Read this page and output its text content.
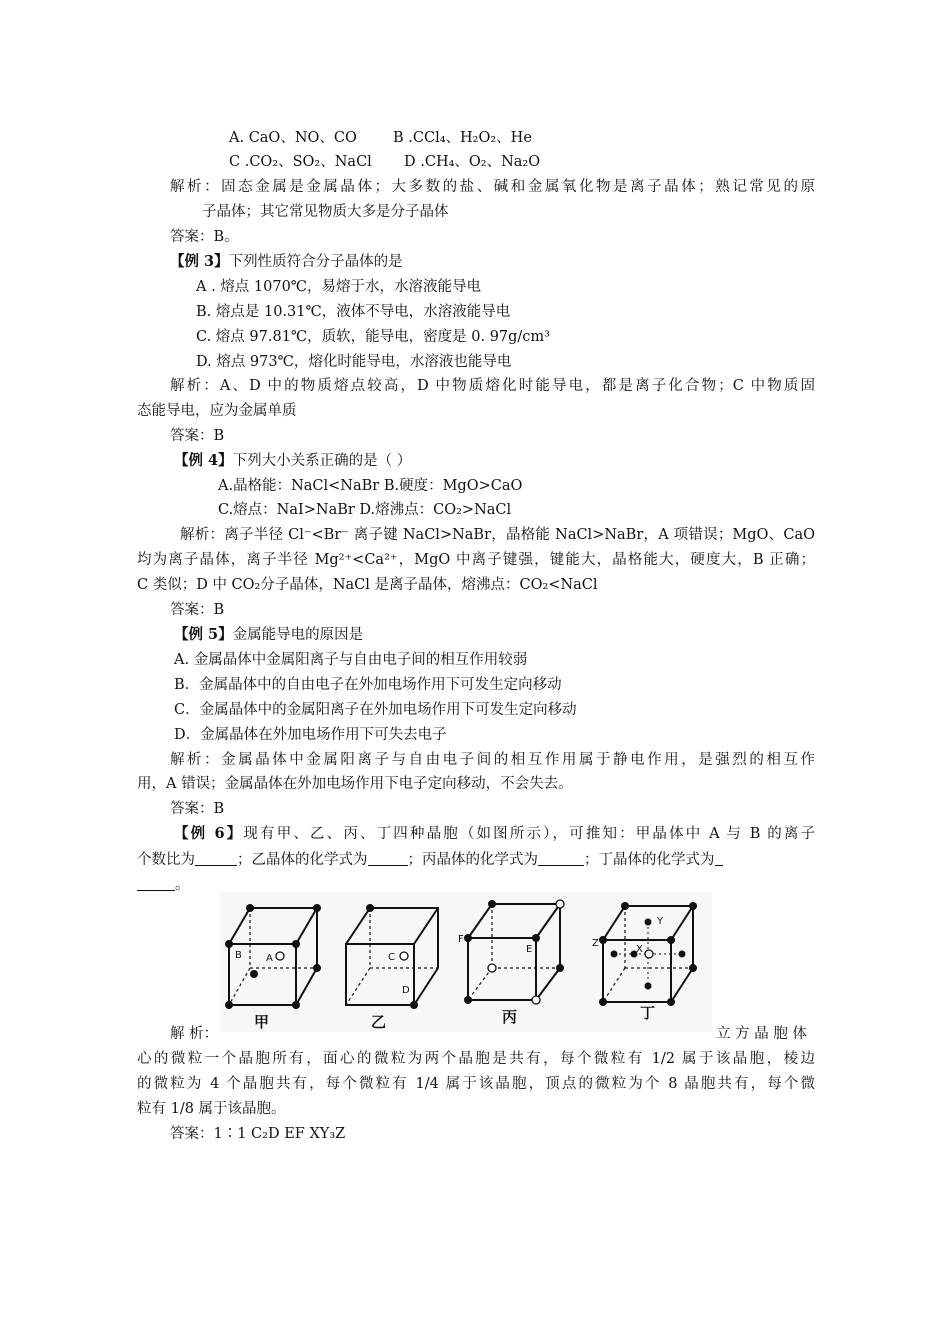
A. CaO、NO、CO B .CCl₄、H₂O₂、He
C .CO₂、SO₂、NaCl D .CH₄、O₂、Na₂O
解析：固态金属是金属晶体；大多数的盐、碱和金属氧化物是离子晶体；熟记常见的原
子晶体；其它常见物质大多是分子晶体
答案：B。
【例 3】下列性质符合分子晶体的是
A . 熔点 1070℃，易熔于水，水溶液能导电
B. 熔点是 10.31℃，液体不导电，水溶液能导电
C. 熔点 97.81℃，质软，能导电，密度是 0. 97g/cm³
D. 熔点 973℃，熔化时能导电，水溶液也能导电
解析：A、D 中的物质熔点较高，D 中物质熔化时能导电，都是离子化合物；C 中物质固
态能导电，应为金属单质
答案：B
【例 4】下列大小关系正确的是（ ）
A.晶格能：NaCl<NaBr B.硬度：MgO>CaO
C.熔点：NaI>NaBr D.熔沸点：CO₂>NaCl
解析：离子半径 Cl⁻<Br⁻ 离子键 NaCl>NaBr，晶格能 NaCl>NaBr，A 项错误；MgO、CaO
均为离子晶体，离子半径 Mg²⁺<Ca²⁺，MgO 中离子键强，键能大，晶格能大，硬度大，B 正确；
C 类似；D 中 CO₂分子晶体，NaCl 是离子晶体，熔沸点：CO₂<NaCl
答案：B
【例 5】金属能导电的原因是
A. 金属晶体中金属阳离子与自由电子间的相互作用较弱
B．金属晶体中的自由电子在外加电场作用下可发生定向移动
C．金属晶体中的金属阳离子在外加电场作用下可发生定向移动
D．金属晶体在外加电场作用下可失去电子
解析：金属晶体中金属阳离子与自由电子间的相互作用属于静电作用，是强烈的相互作
用，A 错误；金属晶体在外加电场作用下电子定向移动，不会失去。
答案：B
【例 6】现有甲、乙、丙、丁四种晶胞（如图所示），可推知：甲晶体中 A 与 B 的离子
个数比为	；乙晶体的化学式为	；丙晶体的化学式为	；丁晶体的化学式为
。
B A	C
D
F
E
Z
Y
X
甲	乙	丙	丁
解 析：	立 方 晶 胞 体
心的微粒一个晶胞所有，面心的微粒为两个晶胞是共有，每个微粒有 1/2 属于该晶胞，棱边
的微粒为 4 个晶胞共有，每个微粒有 1/4 属于该晶胞，顶点的微粒为个 8 晶胞共有，每个微
粒有 1/8 属于该晶胞。
答案：1∶1 C₂D EF XY₃Z
